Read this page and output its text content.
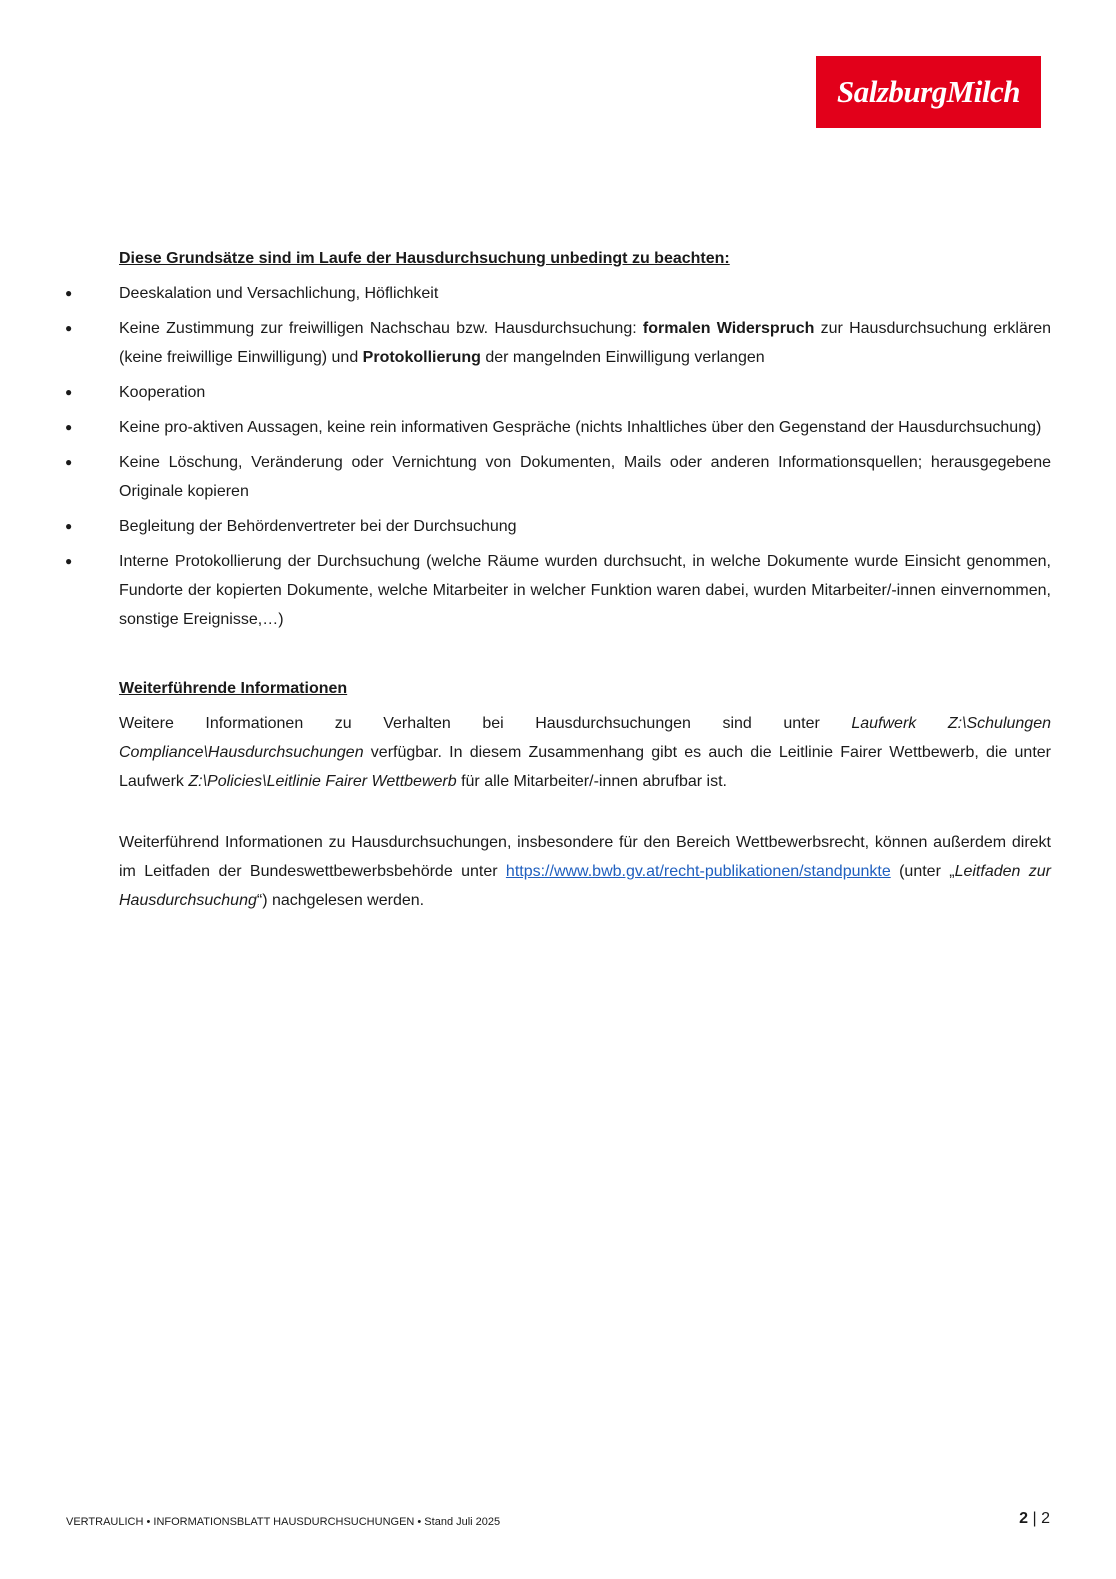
SalzburgMilch
Diese Grundsätze sind im Laufe der Hausdurchsuchung unbedingt zu beachten:
●	Deeskalation und Versachlichung, Höflichkeit
●	Keine Zustimmung zur freiwilligen Nachschau bzw. Hausdurchsuchung: formalen Widerspruch zur Hausdurchsuchung erklären (keine freiwillige Einwilligung) und Protokollierung der mangelnden Einwilligung verlangen
●	Kooperation
●	Keine pro-aktiven Aussagen, keine rein informativen Gespräche (nichts Inhaltliches über den Gegenstand der Hausdurchsuchung)
●	Keine Löschung, Veränderung oder Vernichtung von Dokumenten, Mails oder anderen Informationsquellen; herausgegebene Originale kopieren
●	Begleitung der Behördenvertreter bei der Durchsuchung
●	Interne Protokollierung der Durchsuchung (welche Räume wurden durchsucht, in welche Dokumente wurde Einsicht genommen, Fundorte der kopierten Dokumente, welche Mitarbeiter in welcher Funktion waren dabei, wurden Mitarbeiter/-innen einvernommen, sonstige Ereignisse,…)
Weiterführende Informationen

Weitere Informationen zu Verhalten bei Hausdurchsuchungen sind unter Laufwerk Z:\Schulungen Compliance\Hausdurchsuchungen verfügbar. In diesem Zusammenhang gibt es auch die Leitlinie Fairer Wettbewerb, die unter Laufwerk Z:\Policies\Leitlinie Fairer Wettbewerb für alle Mitarbeiter/-innen abrufbar ist.

Weiterführend Informationen zu Hausdurchsuchungen, insbesondere für den Bereich Wettbewerbsrecht, können außerdem direkt im Leitfaden der Bundeswettbewerbsbehörde unter https://www.bwb.gv.at/recht-publikationen/standpunkte (unter „Leitfaden zur Hausdurchsuchung“) nachgelesen werden.

VERTRAULICH • INFORMATIONSBLATT HAUSDURCHSUCHUNGEN • Stand Juli 2025	2 | 2
